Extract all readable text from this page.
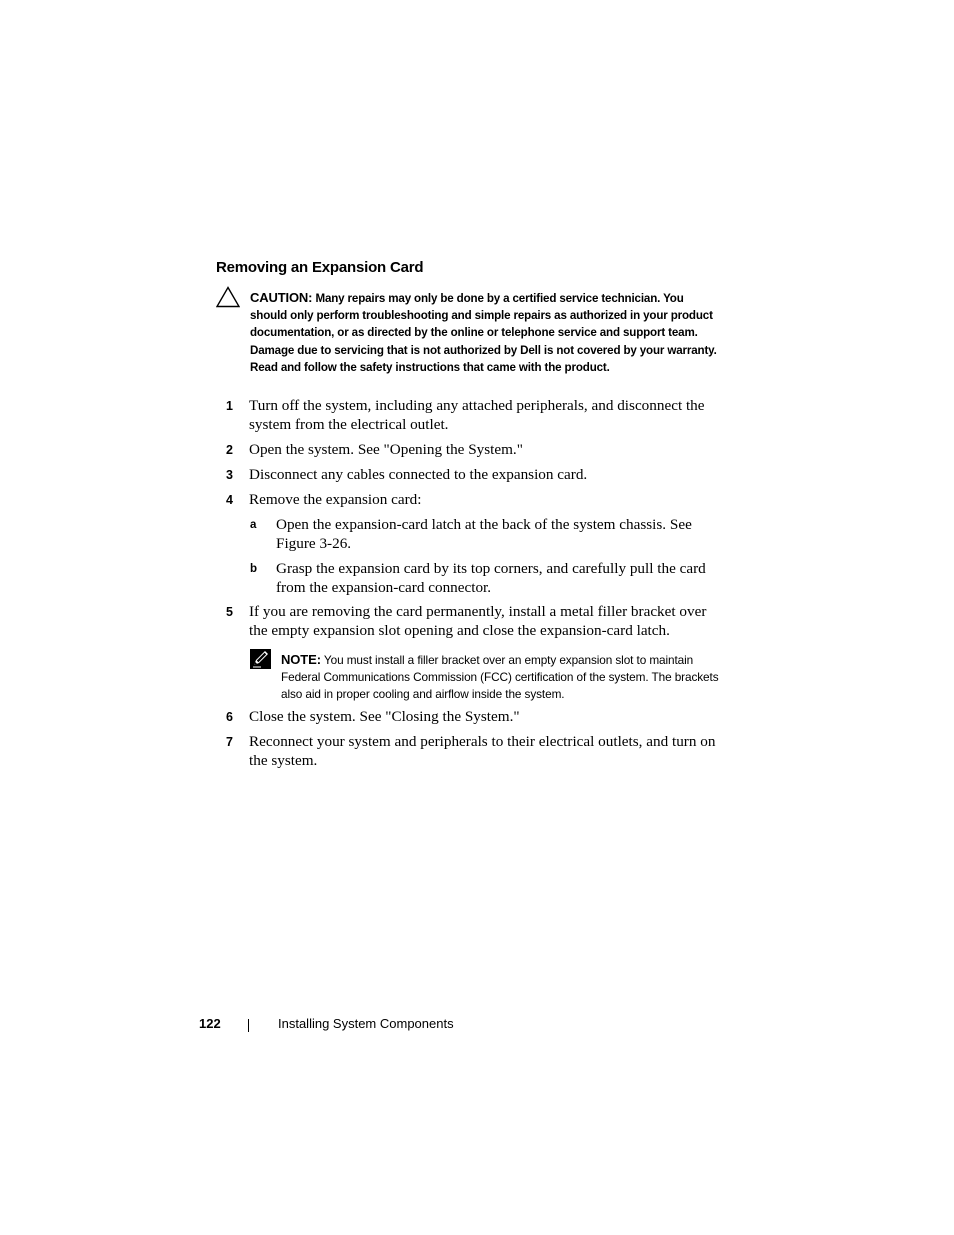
Removing an Expansion Card
CAUTION: Many repairs may only be done by a certified service technician. You should only perform troubleshooting and simple repairs as authorized in your product documentation, or as directed by the online or telephone service and support team. Damage due to servicing that is not authorized by Dell is not covered by your warranty. Read and follow the safety instructions that came with the product.
1 Turn off the system, including any attached peripherals, and disconnect the system from the electrical outlet.
2 Open the system. See "Opening the System."
3 Disconnect any cables connected to the expansion card.
4 Remove the expansion card:
a Open the expansion-card latch at the back of the system chassis. See Figure 3-26.
b Grasp the expansion card by its top corners, and carefully pull the card from the expansion-card connector.
5 If you are removing the card permanently, install a metal filler bracket over the empty expansion slot opening and close the expansion-card latch.
NOTE: You must install a filler bracket over an empty expansion slot to maintain Federal Communications Commission (FCC) certification of the system. The brackets also aid in proper cooling and airflow inside the system.
6 Close the system. See "Closing the System."
7 Reconnect your system and peripherals to their electrical outlets, and turn on the system.
122	Installing System Components
